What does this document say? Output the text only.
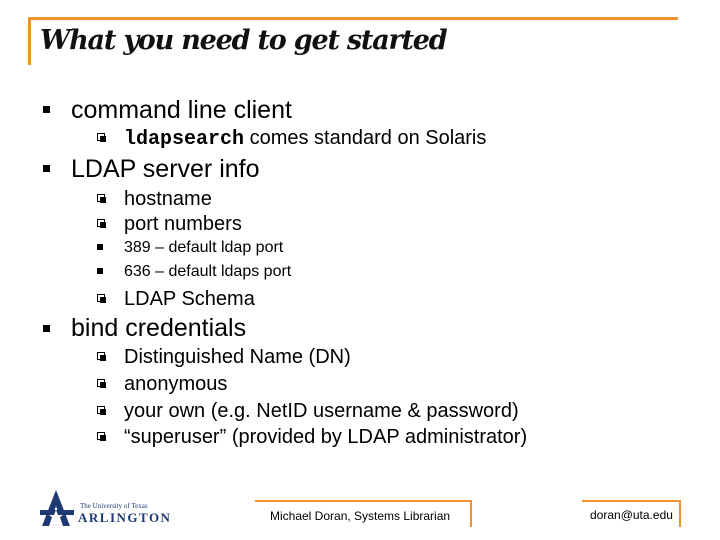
What you need to get started
command line client
ldapsearch comes standard on Solaris
LDAP server info
hostname
port numbers
389 – default ldap port
636 – default ldaps port
LDAP Schema
bind credentials
Distinguished Name (DN)
anonymous
your own (e.g. NetID username & password)
“superuser” (provided by LDAP administrator)
The University of Texas
ARLINGTON	Michael Doran, Systems Librarian	doran@uta.edu
